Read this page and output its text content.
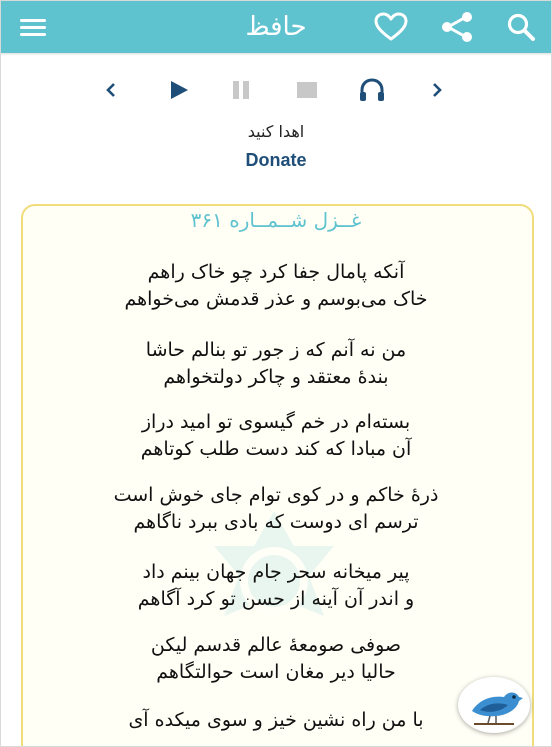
حافظ
اهدا کنید
Donate
غــزل شــمــاره ۳۶۱
آنکه پامال جفا کرد چو خاک راهم
خاک می‌بوسم و عذر قدمش می‌خواهم
من نه آنم که ز جور تو بنالم حاشا
بندهٔ معتقد و چاکر دولتخواهم
بسته‌ام در خم گیسوی تو امید دراز
آن مبادا که کند دست طلب کوتاهم
ذرهٔ خاکم و در کوی توام جای خوش است
ترسم ای دوست که بادی ببرد ناگاهم
پیر میخانه سحر جام جهان بینم داد
و اندر آن آینه از حسن تو کرد آگاهم
صوفی صومعهٔ عالم قدسم لیکن
حالیا دیر مغان است حوالتگاهم
با من راه نشین خیز و سوی میکده آی
